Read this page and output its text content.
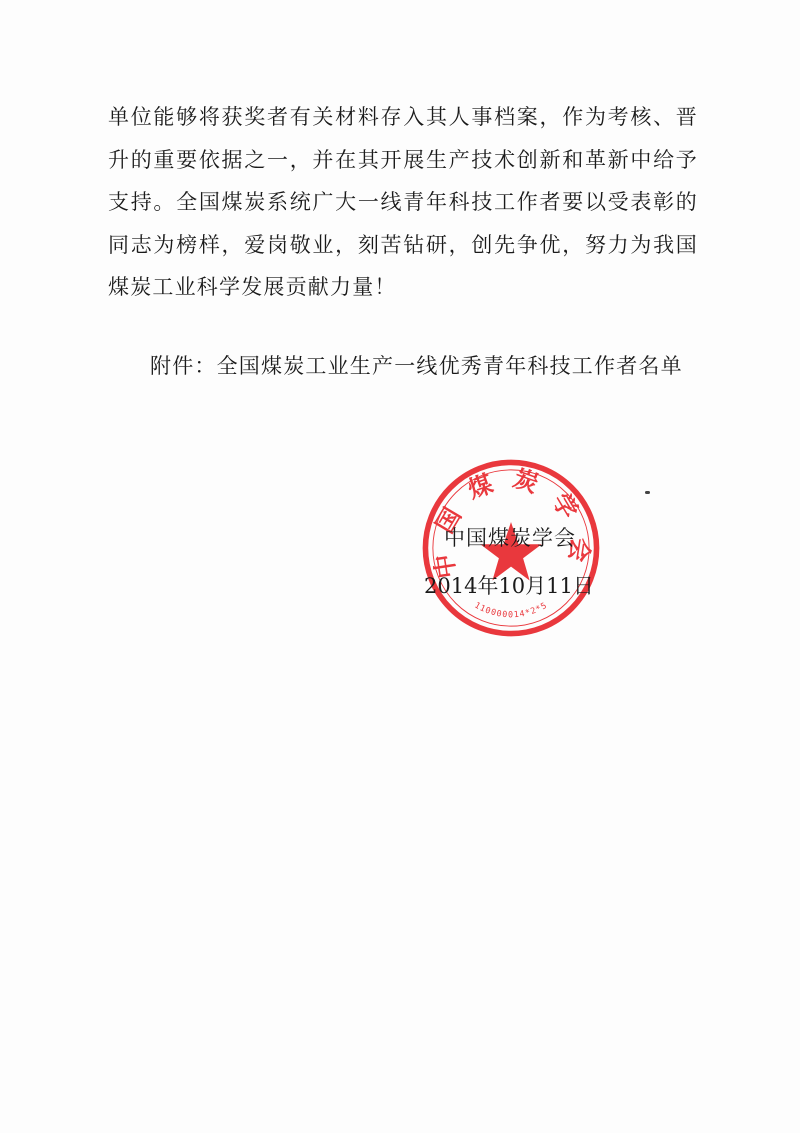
单位能够将获奖者有关材料存入其人事档案，作为考核、晋升的重要依据之一，并在其开展生产技术创新和革新中给予支持。全国煤炭系统广大一线青年科技工作者要以受表彰的同志为榜样，爱岗敬业，刻苦钻研，创先争优，努力为我国煤炭工业科学发展贡献力量！

附件：全国煤炭工业生产一线优秀青年科技工作者名单
中国煤炭学会
110000014*2*5
中国煤炭学会
2014年10月11日
